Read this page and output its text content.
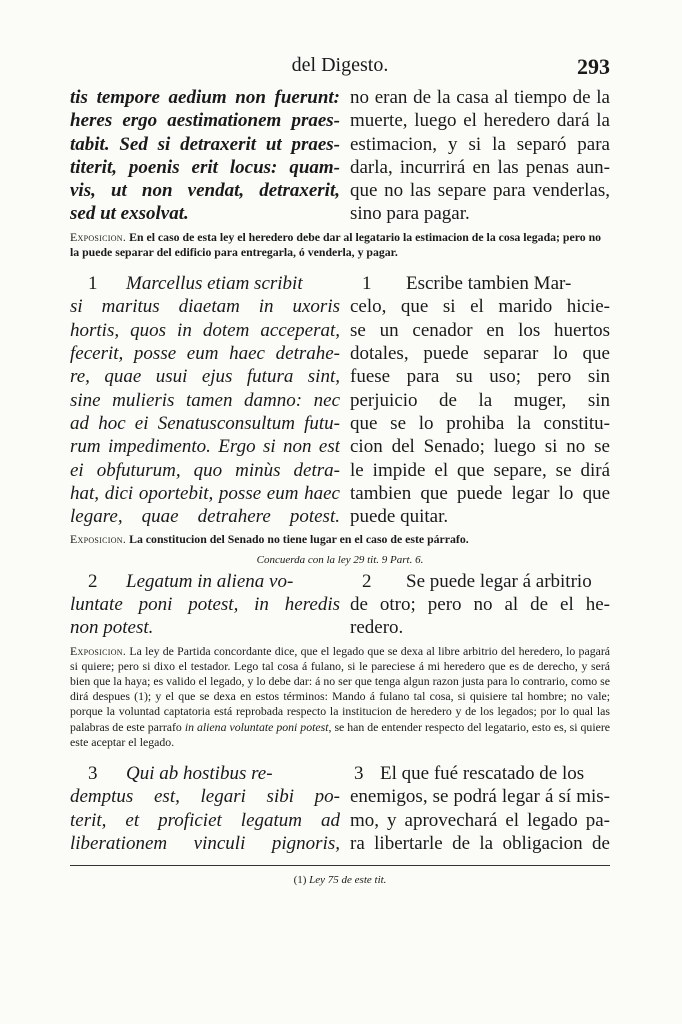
del Digesto.	293
tis tempore aedium non fuerunt:
heres ergo aestimationem praes-
tabit. Sed si detraxerit ut praes-
titerit, poenis erit locus: quam-
vis, ut non vendat, detraxerit,
sed ut exsolvat.
no eran de la casa al tiempo de la
muerte, luego el heredero dará la
estimacion, y si la separó para
darla, incurrirá en las penas aun-
que no las separe para venderlas,
sino para pagar.

Exposicion. En el caso de esta ley el heredero debe dar al legatario la estimacion de la cosa legada; pero no la puede separar del edificio para entregarla, ó venderla, y pagar.

1 Marcellus etiam scribit
si maritus diaetam in uxoris
hortis, quos in dotem acceperat,
fecerit, posse eum haec detrahe-
re, quae usui ejus futura sint,
sine mulieris tamen damno: nec
ad hoc ei Senatusconsultum futu-
rum impedimento. Ergo si non est
ei obfuturum, quo minùs detra-
hat, dici oportebit, posse eum haec
legare, quae detrahere potest.
1 Escribe tambien Mar-
celo, que si el marido hicie-
se un cenador en los huertos
dotales, puede separar lo que
fuese para su uso; pero sin
perjuicio de la muger, sin
que se lo prohiba la constitu-
cion del Senado; luego si no se
le impide el que separe, se dirá
tambien que puede legar lo que
puede quitar.

Exposicion. La constitucion del Senado no tiene lugar en el caso de este párrafo.

Concuerda con la ley 29 tit. 9 Part. 6.
2 Legatum in aliena vo-
luntate poni potest, in heredis
non potest.
2 Se puede legar á arbitrio
de otro; pero no al de el he-
redero.

Exposicion. La ley de Partida concordante dice, que el legado que se dexa al libre arbitrio del heredero, lo pagará si quiere; pero si dixo el testador. Lego tal cosa á fulano, si le pareciese á mi heredero que es de derecho, y será bien que la haya; es valido el legado, y lo debe dar: á no ser que tenga algun razon justa para lo contrario, como se dirá despues (1); y el que se dexa en estos términos: Mando á fulano tal cosa, si quisiere tal hombre; no vale; porque la voluntad captatoria está reprobada respecto la institucion de heredero y de los legados; por lo qual las palabras de este parrafo in aliena voluntate poni potest, se han de entender respecto del legatario, esto es, si quiere este aceptar el legado.

3 Qui ab hostibus re-
demptus est, legari sibi po-
terit, et proficiet legatum ad
liberationem vinculi pignoris,
3 El que fué rescatado de los
enemigos, se podrá legar á sí mis-
mo, y aprovechará el legado pa-
ra libertarle de la obligacion de
(1) Ley 75 de este tit.
